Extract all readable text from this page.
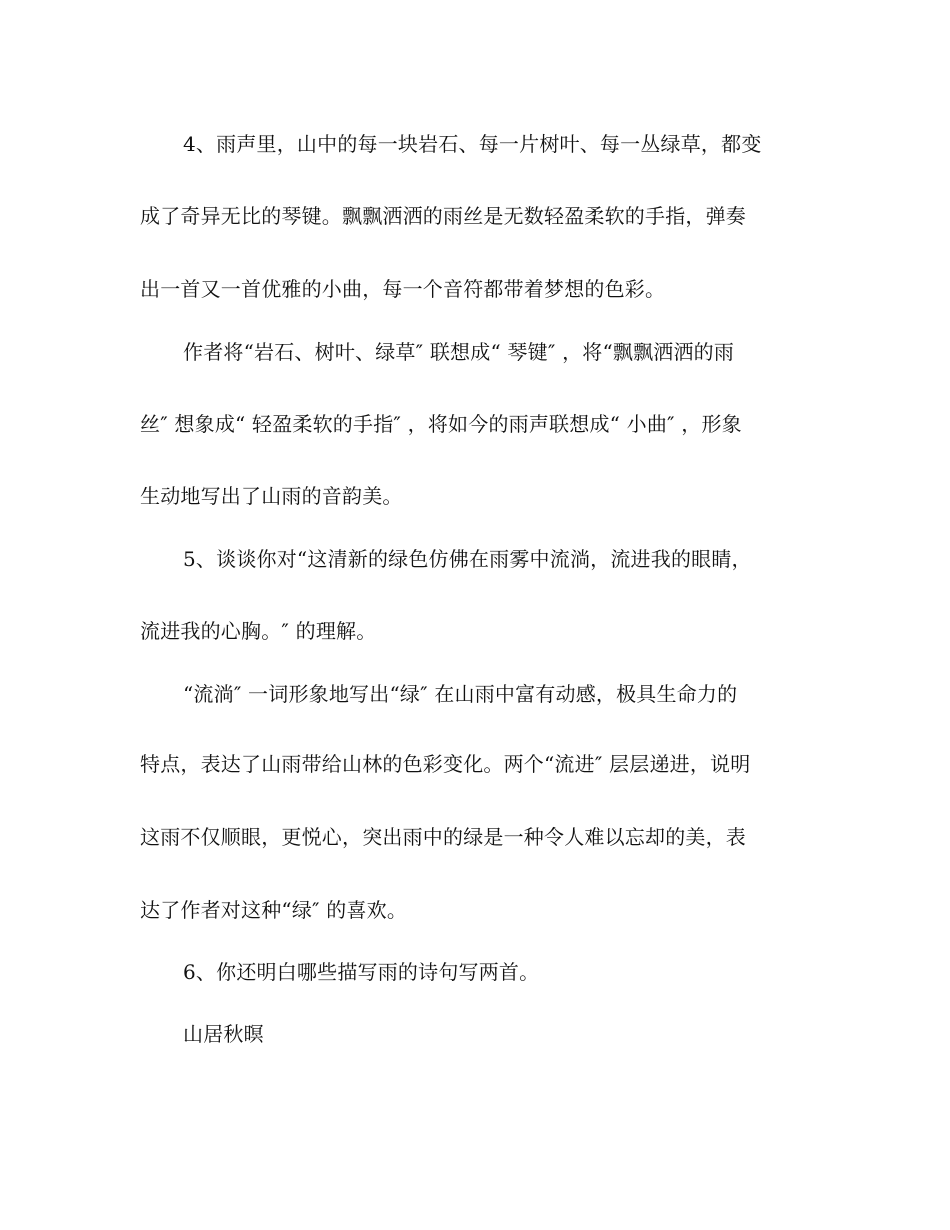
4、雨声里，山中的每一块岩石、每一片树叶、每一丛绿草，都变
成了奇异无比的琴键。飘飘洒洒的雨丝是无数轻盈柔软的手指，弹奏
出一首又一首优雅的小曲，每一个音符都带着梦想的色彩。
作者将“岩石、树叶、绿草″ 联想成“ 琴键″ ，将“飘飘洒洒的雨
丝″ 想象成“ 轻盈柔软的手指″ ，将如今的雨声联想成“ 小曲″ ，形象
生动地写出了山雨的音韵美。
5、谈谈你对“这清新的绿色仿佛在雨雾中流淌，流进我的眼睛，
流进我的心胸。″ 的理解。
“流淌″ 一词形象地写出“绿″ 在山雨中富有动感，极具生命力的
特点，表达了山雨带给山林的色彩变化。两个“流进″ 层层递进，说明
这雨不仅顺眼，更悦心，突出雨中的绿是一种令人难以忘却的美，表
达了作者对这种“绿″ 的喜欢。
6、你还明白哪些描写雨的诗句写两首。
山居秋暝
